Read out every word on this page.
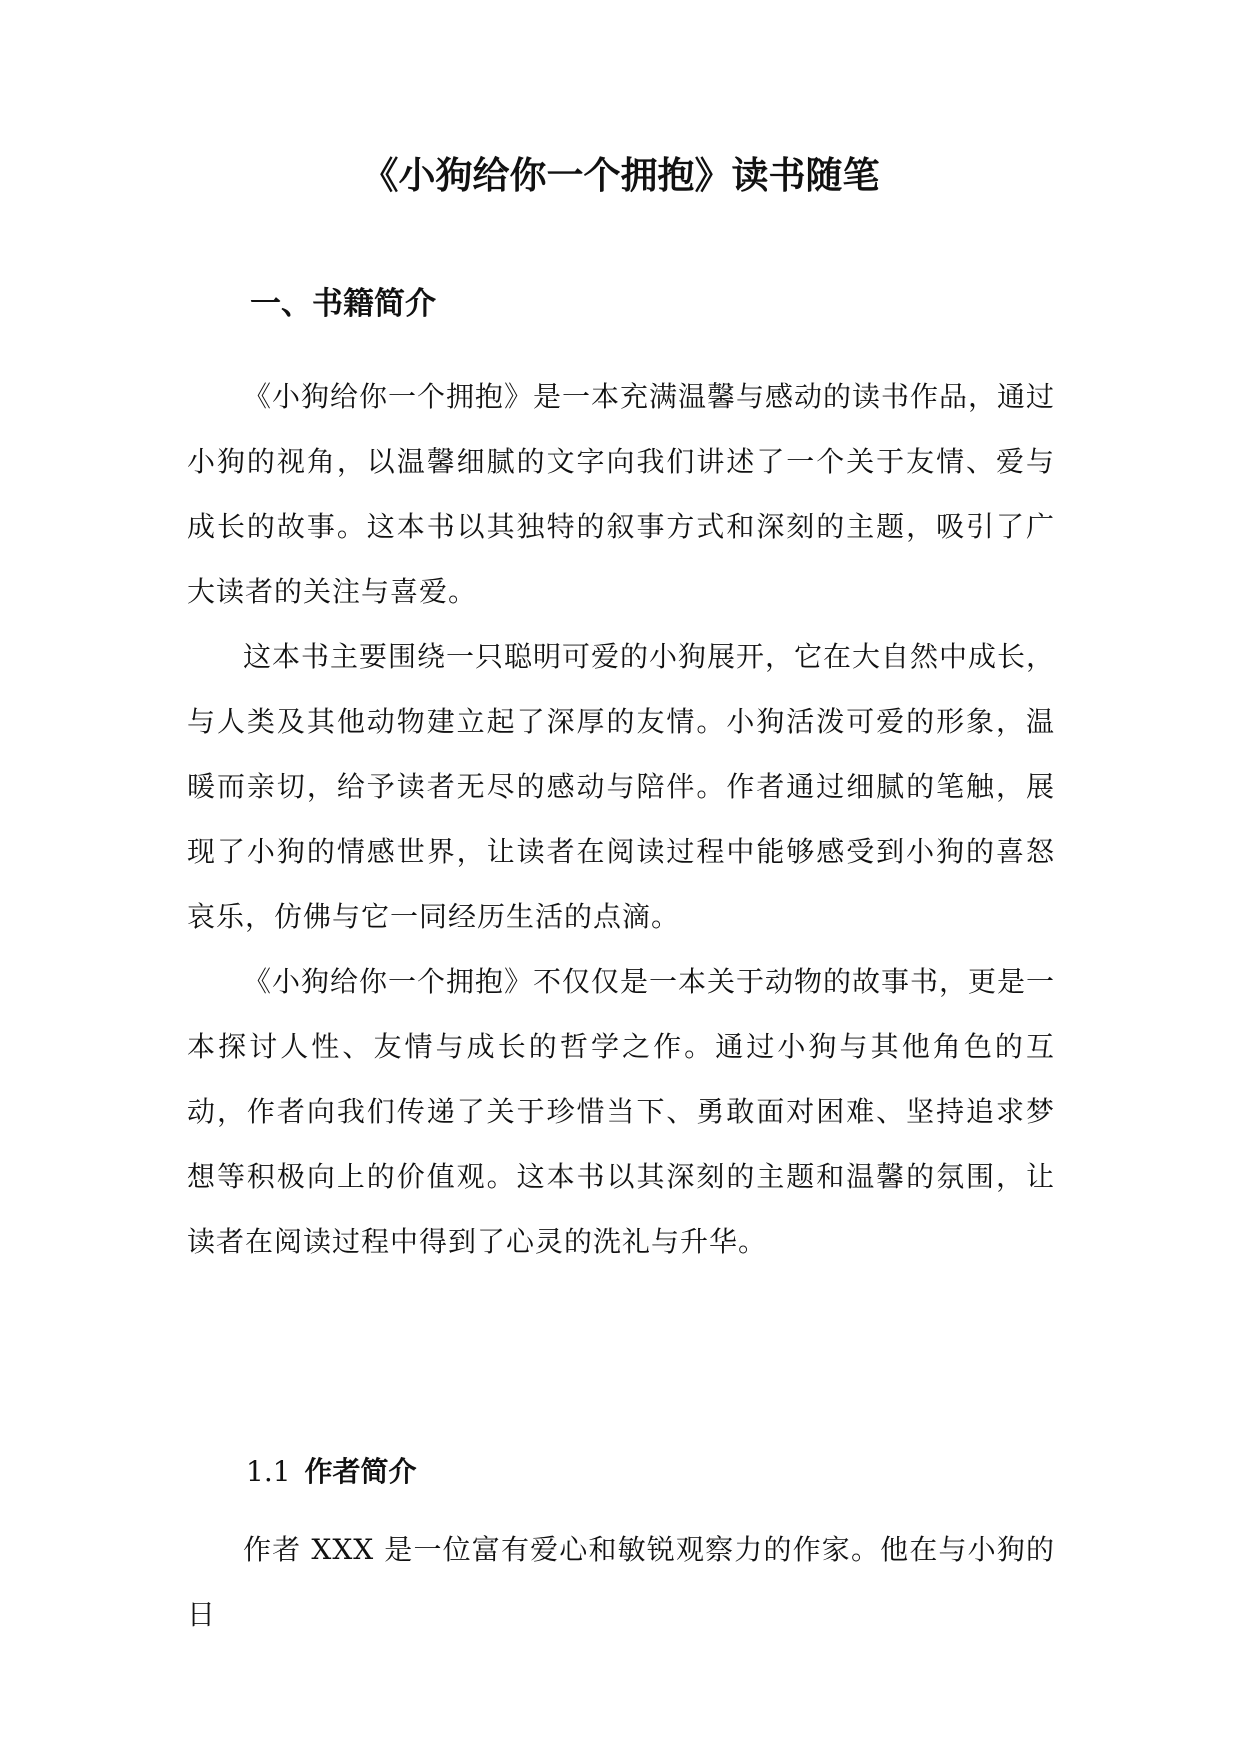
《小狗给你一个拥抱》读书随笔
一、书籍简介

《小狗给你一个拥抱》是一本充满温馨与感动的读书作品，通过小狗的视角，以温馨细腻的文字向我们讲述了一个关于友情、爱与成长的故事。这本书以其独特的叙事方式和深刻的主题，吸引了广大读者的关注与喜爱。

这本书主要围绕一只聪明可爱的小狗展开，它在大自然中成长，与人类及其他动物建立起了深厚的友情。小狗活泼可爱的形象，温暖而亲切，给予读者无尽的感动与陪伴。作者通过细腻的笔触，展现了小狗的情感世界，让读者在阅读过程中能够感受到小狗的喜怒哀乐，仿佛与它一同经历生活的点滴。

《小狗给你一个拥抱》不仅仅是一本关于动物的故事书，更是一本探讨人性、友情与成长的哲学之作。通过小狗与其他角色的互动，作者向我们传递了关于珍惜当下、勇敢面对困难、坚持追求梦想等积极向上的价值观。这本书以其深刻的主题和温馨的氛围，让读者在阅读过程中得到了心灵的洗礼与升华。

1.1 作者简介

作者 XXX 是一位富有爱心和敏锐观察力的作家。他在与小狗的日
